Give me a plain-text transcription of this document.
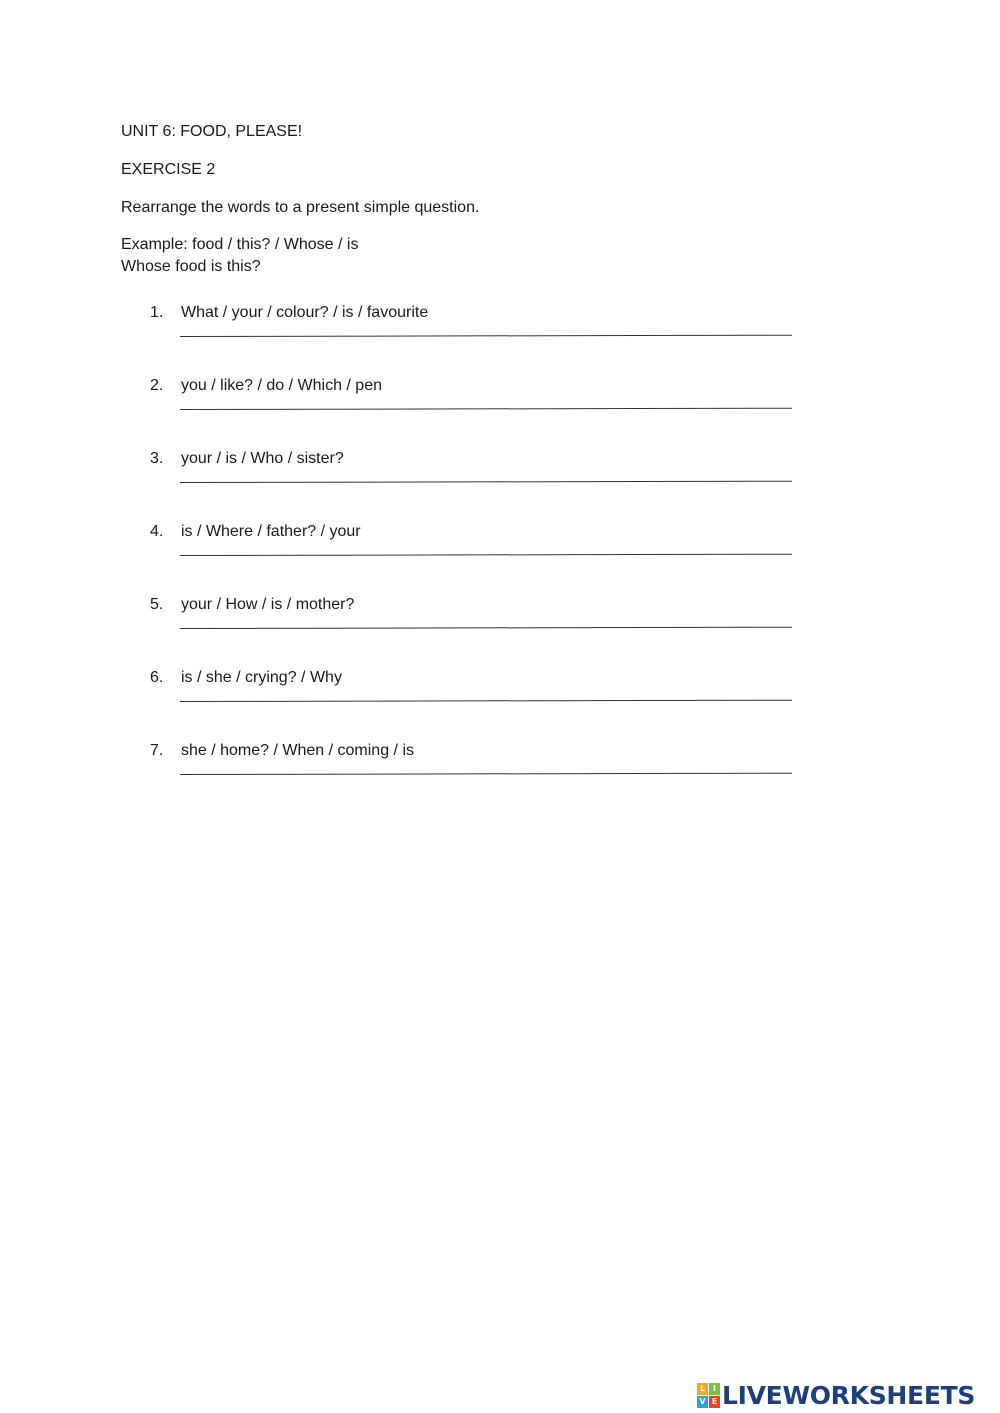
UNIT 6: FOOD, PLEASE!
EXERCISE 2
Rearrange the words to a present simple question.
Example: food / this? / Whose / is
Whose food is this?
1. What / your / colour? / is / favourite
2. you / like? / do / Which / pen
3. your / is / Who / sister?
4. is / Where / father? / your
5. your / How / is / mother?
6. is / she / crying? / Why
7. she / home? / When / coming / is
L I
V E LIVEWORKSHEETS
